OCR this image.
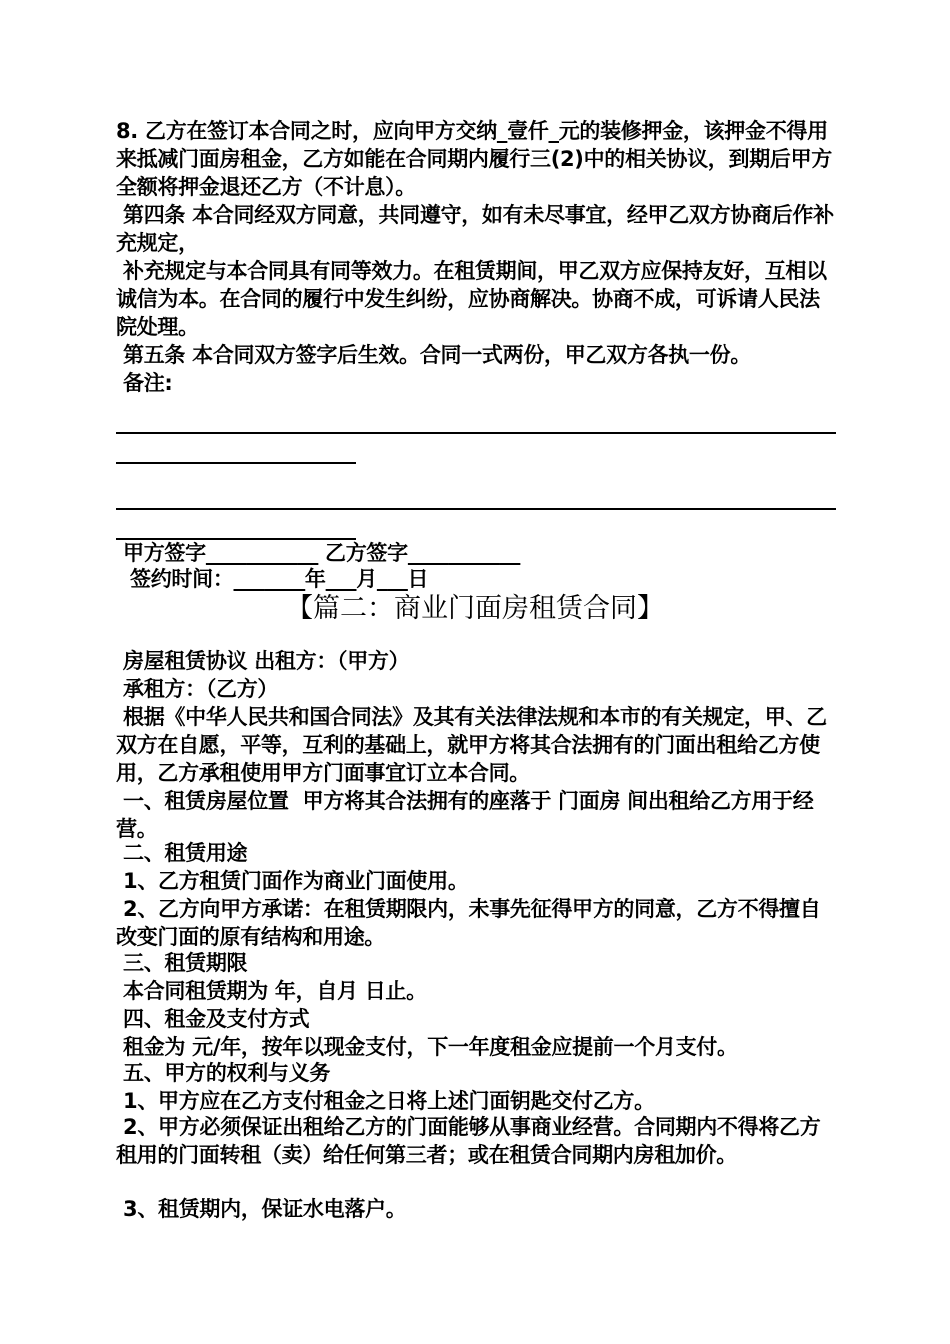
8. 乙方在签订本合同之时，应向甲方交纳_壹仟_元的装修押金，该押金不得用来抵减门面房租金，乙方如能在合同期内履行三(2)中的相关协议，到期后甲方全额将押金退还乙方（不计息）。

第四条 本合同经双方同意，共同遵守，如有未尽事宜，经甲乙双方协商后作补充规定，

补充规定与本合同具有同等效力。在租赁期间，甲乙双方应保持友好，互相以诚信为本。在合同的履行中发生纠纷，应协商解决。协商不成，可诉请人民法院处理。

第五条 本合同双方签字后生效。合同一式两份，甲乙双方各执一份。

备注:

甲方签字___________ 乙方签字___________

签约时间：_______年___月___日

【篇二：商业门面房租赁合同】

房屋租赁协议 出租方：（甲方）

承租方：（乙方）

根据《中华人民共和国合同法》及其有关法律法规和本市的有关规定，甲、乙双方在自愿，平等，互利的基础上，就甲方将其合法拥有的门面出租给乙方使用，乙方承租使用甲方门面事宜订立本合同。

一、租赁房屋位置  甲方将其合法拥有的座落于 门面房 间出租给乙方用于经营。

二、租赁用途

1、乙方租赁门面作为商业门面使用。

2、乙方向甲方承诺：在租赁期限内，未事先征得甲方的同意，乙方不得擅自改变门面的原有结构和用途。

三、租赁期限

本合同租赁期为 年，自月 日止。

四、租金及支付方式

租金为 元/年，按年以现金支付，下一年度租金应提前一个月支付。

五、甲方的权利与义务

1、甲方应在乙方支付租金之日将上述门面钥匙交付乙方。

2、甲方必须保证出租给乙方的门面能够从事商业经营。合同期内不得将乙方租用的门面转租（卖）给任何第三者；或在租赁合同期内房租加价。

3、租赁期内，保证水电落户。
